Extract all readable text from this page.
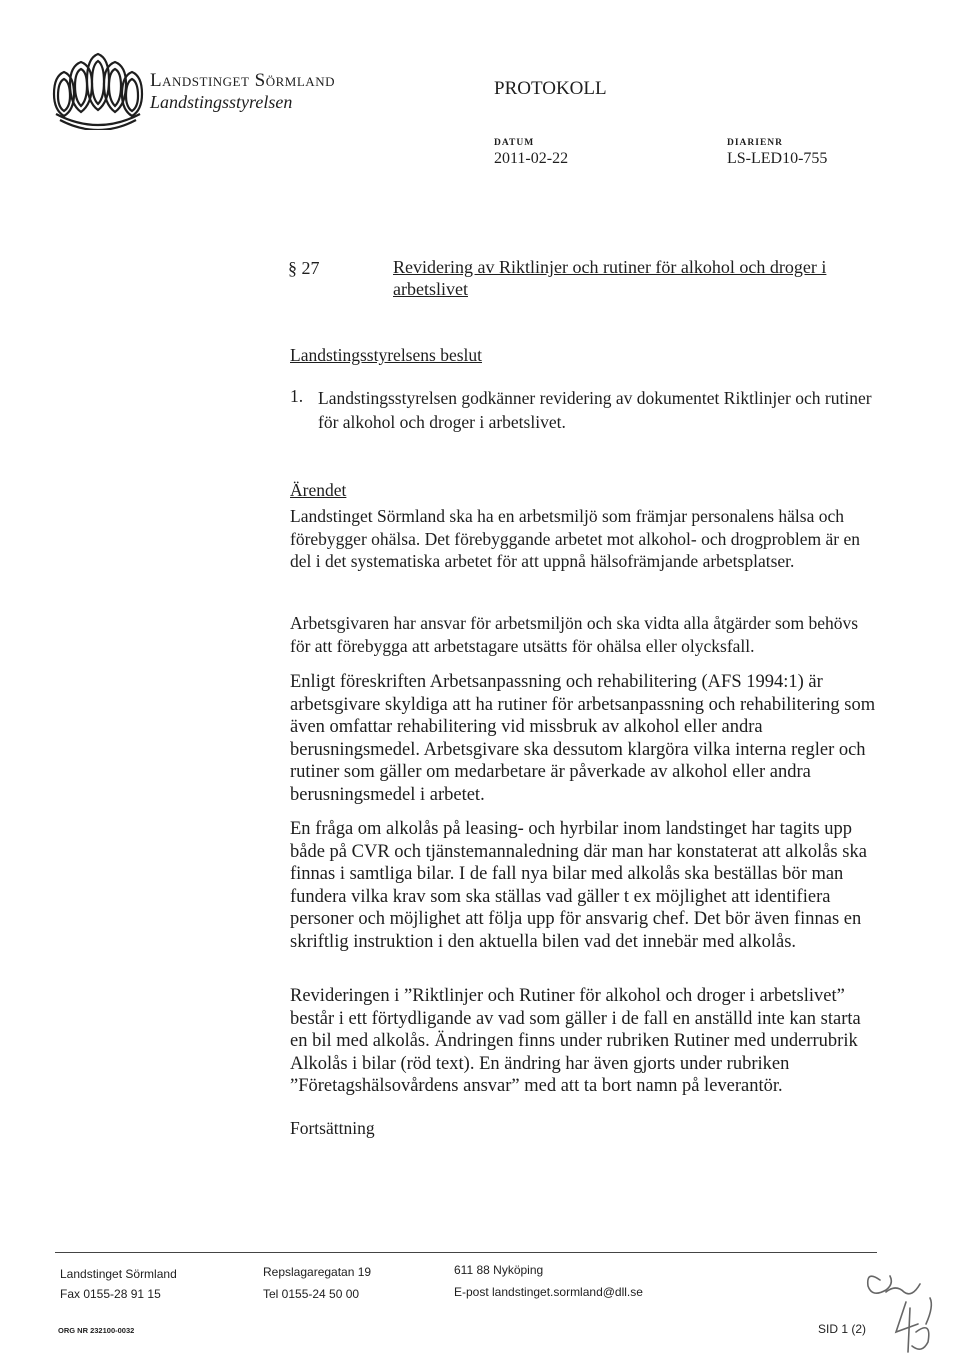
Landstinget Sörmland
Landstingsstyrelsen
PROTOKOLL
DATUM
2011-02-22
DIARIENR
LS-LED10-755
§ 27	Revidering av Riktlinjer och rutiner för alkohol och droger i arbetslivet
Landstingsstyrelsens beslut
1. Landstingsstyrelsen godkänner revidering av dokumentet Riktlinjer och rutiner för alkohol och droger i arbetslivet.
Ärendet

Landstinget Sörmland ska ha en arbetsmiljö som främjar personalens hälsa och förebygger ohälsa. Det förebyggande arbetet mot alkohol- och drogproblem är en del i det systematiska arbetet för att uppnå hälsofrämjande arbetsplatser.

Arbetsgivaren har ansvar för arbetsmiljön och ska vidta alla åtgärder som behövs för att förebygga att arbetstagare utsätts för ohälsa eller olycksfall.

Enligt föreskriften Arbetsanpassning och rehabilitering (AFS 1994:1) är arbetsgivare skyldiga att ha rutiner för arbetsanpassning och rehabilitering som även omfattar rehabilitering vid missbruk av alkohol eller andra berusningsmedel. Arbetsgivare ska dessutom klargöra vilka interna regler och rutiner som gäller om medarbetare är påverkade av alkohol eller andra berusningsmedel i arbetet.

En fråga om alkolås på leasing- och hyrbilar inom landstinget har tagits upp både på CVR och tjänstemannaledning där man har konstaterat att alkolås ska finnas i samtliga bilar. I de fall nya bilar med alkolås ska beställas bör man fundera vilka krav som ska ställas vad gäller t ex möjlighet att identifiera personer och möjlighet att följa upp för ansvarig chef. Det bör även finnas en skriftlig instruktion i den aktuella bilen vad det innebär med alkolås.

Revideringen i ”Riktlinjer och Rutiner för alkohol och droger i arbetslivet” består i ett förtydligande av vad som gäller i de fall en anställd inte kan starta en bil med alkolås. Ändringen finns under rubriken Rutiner med underrubrik Alkolås i bilar (röd text). En ändring har även gjorts under rubriken ”Företagshälsovårdens ansvar” med att ta bort namn på leverantör.

Fortsättning
Landstinget Sörmland
Fax 0155-28 91 15
Repslagaregatan 19
Tel 0155-24 50 00
611 88 Nyköping
E-post landstinget.sormland@dll.se
ORG NR 232100-0032	SID 1 (2)
